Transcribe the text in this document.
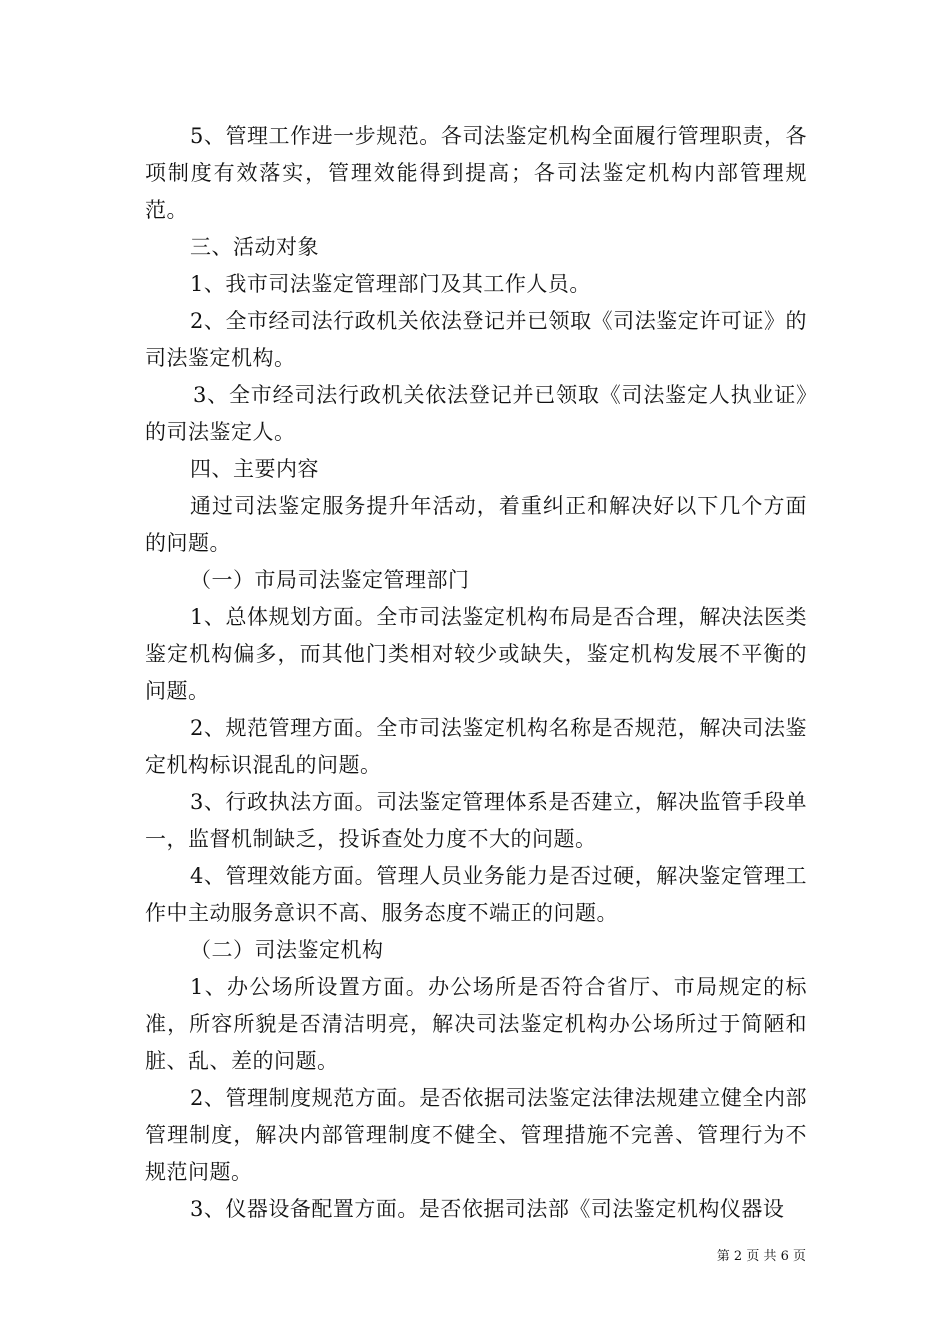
5、管理工作进一步规范。各司法鉴定机构全面履行管理职责，各项制度有效落实，管理效能得到提高；各司法鉴定机构内部管理规范。

三、活动对象

1、我市司法鉴定管理部门及其工作人员。

2、全市经司法行政机关依法登记并已领取《司法鉴定许可证》的司法鉴定机构。

3、全市经司法行政机关依法登记并已领取《司法鉴定人执业证》的司法鉴定人。

四、主要内容

通过司法鉴定服务提升年活动，着重纠正和解决好以下几个方面的问题。

（一）市局司法鉴定管理部门

1、总体规划方面。全市司法鉴定机构布局是否合理，解决法医类鉴定机构偏多，而其他门类相对较少或缺失，鉴定机构发展不平衡的问题。

2、规范管理方面。全市司法鉴定机构名称是否规范，解决司法鉴定机构标识混乱的问题。

3、行政执法方面。司法鉴定管理体系是否建立，解决监管手段单一，监督机制缺乏，投诉查处力度不大的问题。

4、管理效能方面。管理人员业务能力是否过硬，解决鉴定管理工作中主动服务意识不高、服务态度不端正的问题。

（二）司法鉴定机构

1、办公场所设置方面。办公场所是否符合省厅、市局规定的标准，所容所貌是否清洁明亮，解决司法鉴定机构办公场所过于简陋和脏、乱、差的问题。

2、管理制度规范方面。是否依据司法鉴定法律法规建立健全内部管理制度，解决内部管理制度不健全、管理措施不完善、管理行为不规范问题。

3、仪器设备配置方面。是否依据司法部《司法鉴定机构仪器设

第 2 页 共 6 页
